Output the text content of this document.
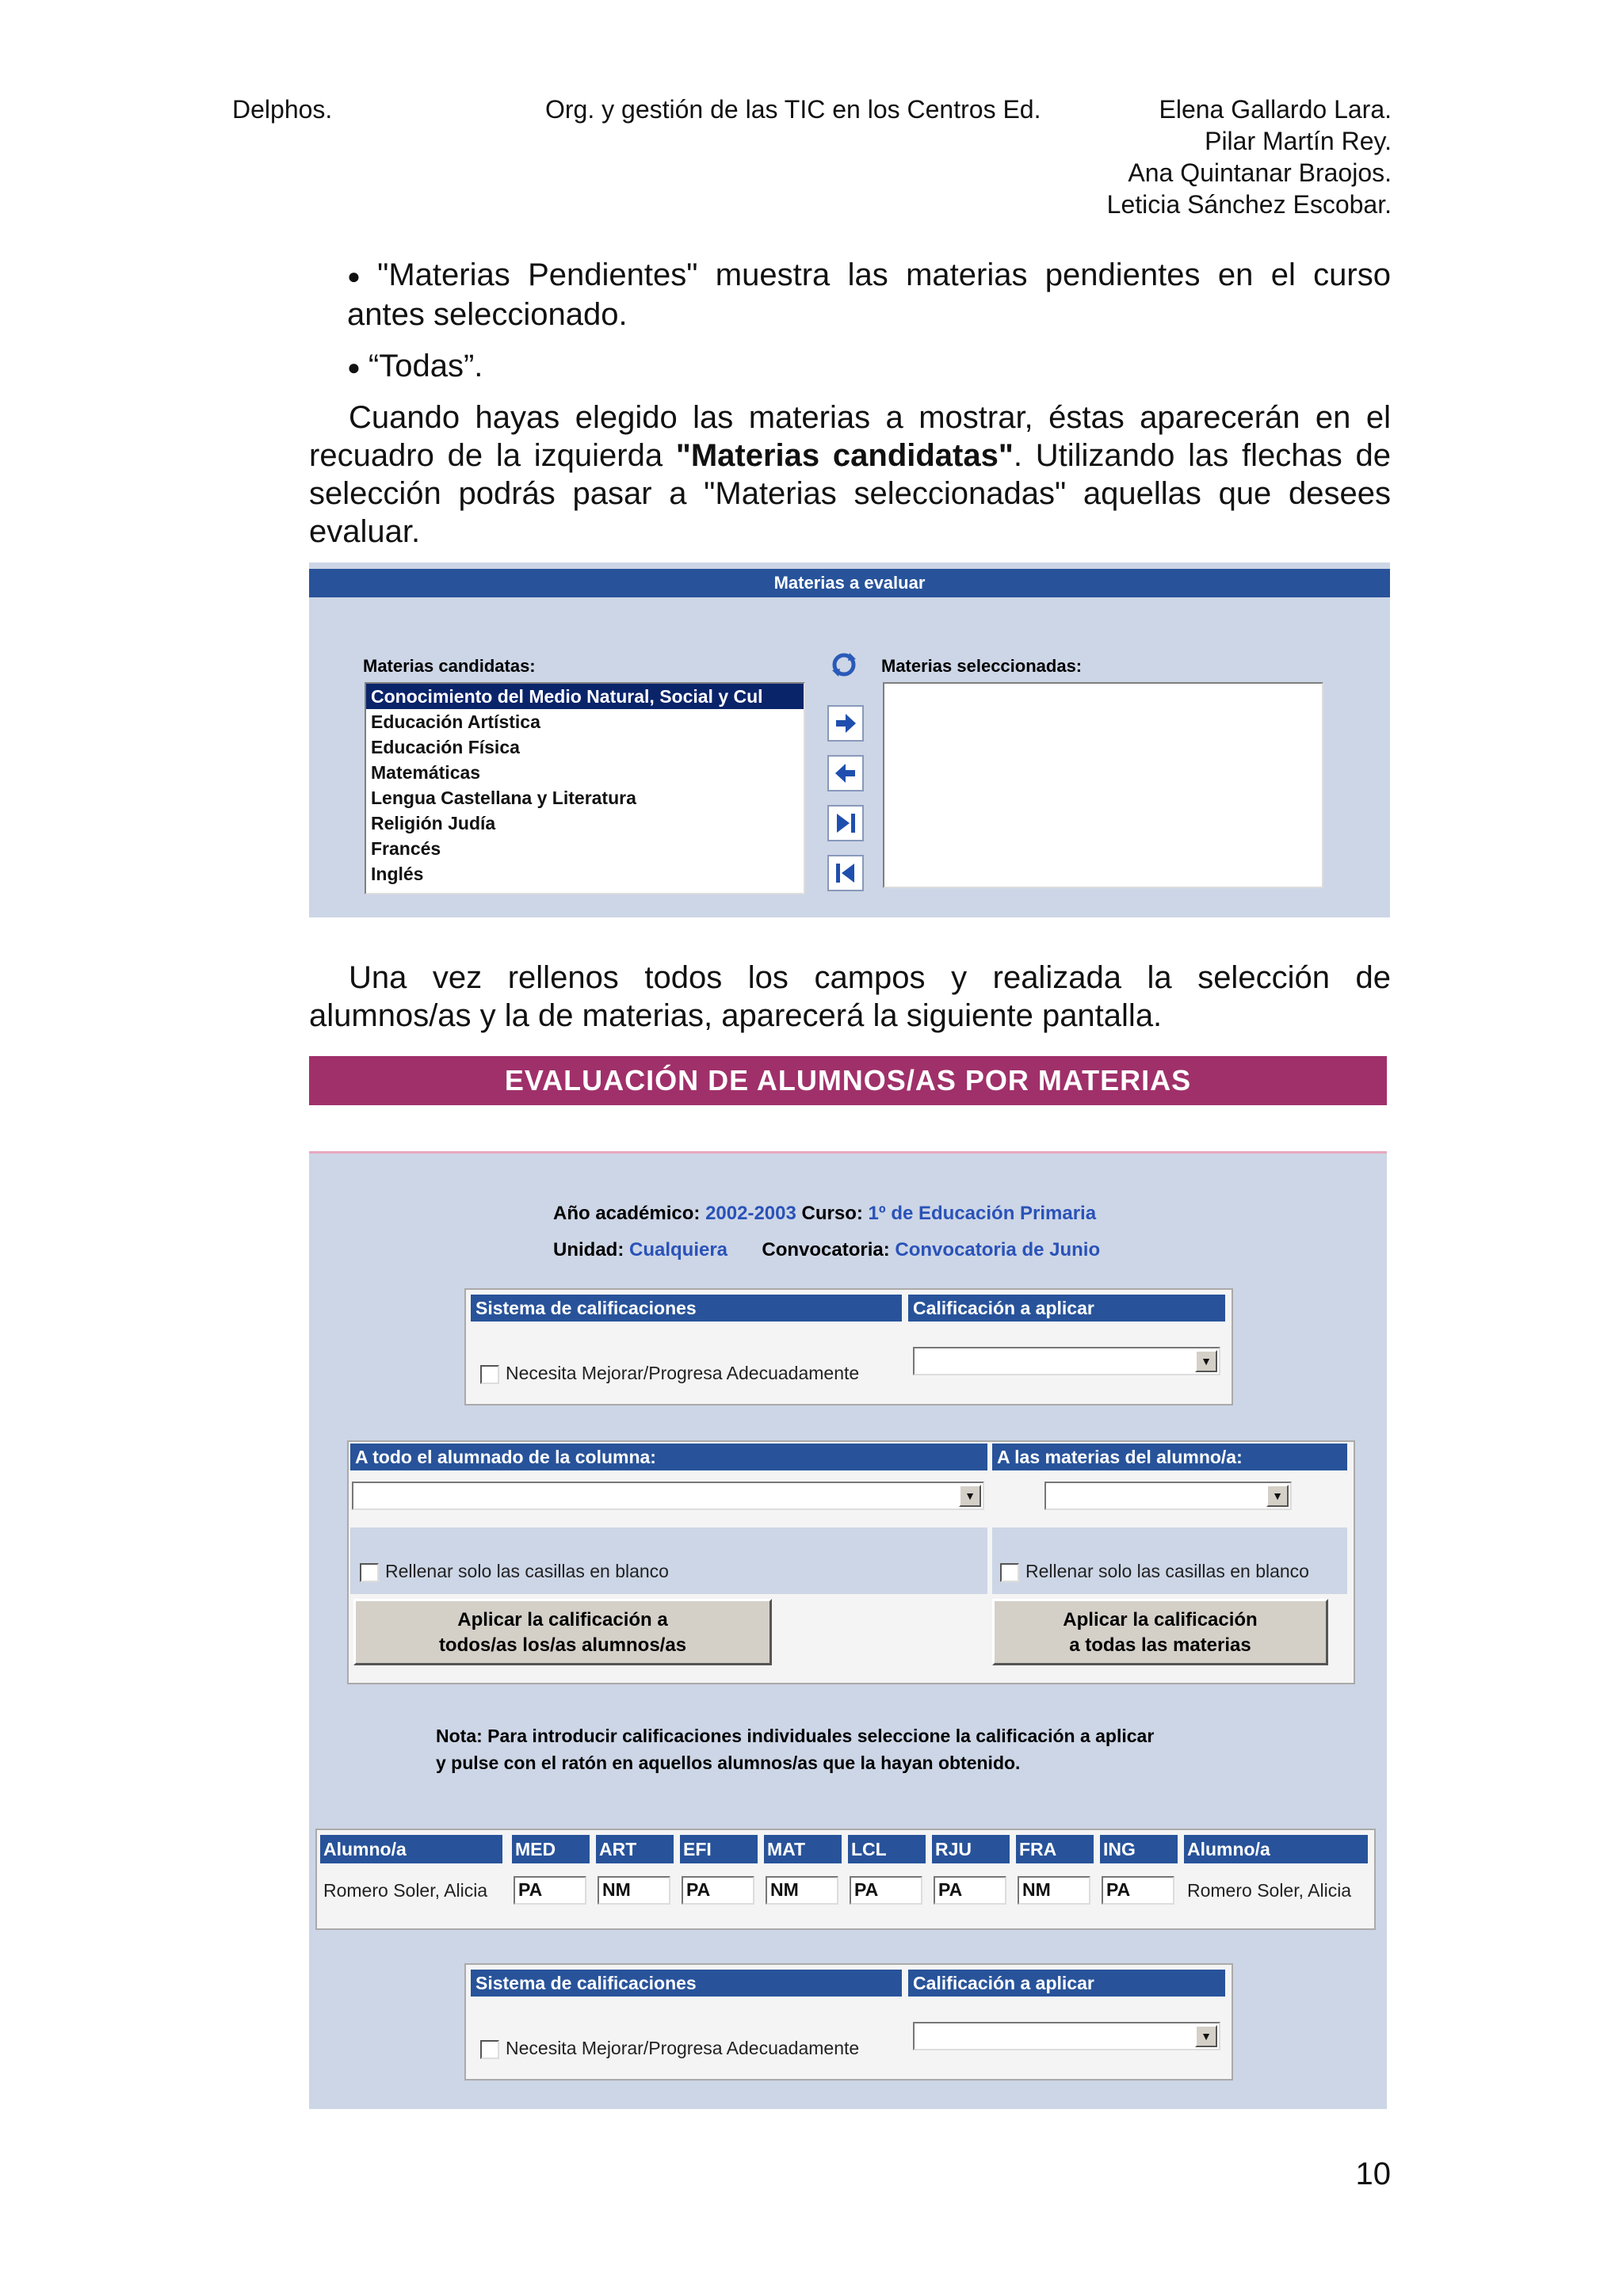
Delphos.	Org. y gestión de las TIC en los Centros Ed.	Elena Gallardo Lara.
Pilar Martín Rey.
Ana Quintanar Braojos.
Leticia Sánchez Escobar.
● "Materias Pendientes" muestra las materias pendientes en el curso antes seleccionado.
● “Todas”.
Cuando hayas elegido las materias a mostrar, éstas aparecerán en el recuadro de la izquierda "Materias candidatas". Utilizando las flechas de selección podrás pasar a "Materias seleccionadas" aquellas que desees evaluar.
Materias a evaluar
Materias candidatas:	Materias seleccionadas:
Conocimiento del Medio Natural, Social y Cul
Educación Artística
Educación Física
Matemáticas
Lengua Castellana y Literatura
Religión Judía
Francés
Inglés
Una vez rellenos todos los campos y realizada la selección de alumnos/as y la de materias, aparecerá la siguiente pantalla.
EVALUACIÓN DE ALUMNOS/AS POR MATERIAS
Año académico: 2002-2003 Curso: 1º de Educación Primaria
Unidad: Cualquiera Convocatoria: Convocatoria de Junio
Sistema de calificaciones	Calificación a aplicar
Necesita Mejorar/Progresa Adecuadamente
▼
A todo el alumnado de la columna:	A las materias del alumno/a:
▼	▼
Rellenar solo las casillas en blanco	Rellenar solo las casillas en blanco
Aplicar la calificación a
todos/as los/as alumnos/as
Aplicar la calificación
a todas las materias
Nota: Para introducir calificaciones individuales seleccione la calificación a aplicar
y pulse con el ratón en aquellos alumnos/as que la hayan obtenido.
Alumno/a	MED	ART	EFI	MAT	LCL	RJU	FRA	ING	Alumno/a
Romero Soler, Alicia	PA	NM	PA	NM	PA	PA	NM	PA	Romero Soler, Alicia
Sistema de calificaciones	Calificación a aplicar
Necesita Mejorar/Progresa Adecuadamente
▼
10
